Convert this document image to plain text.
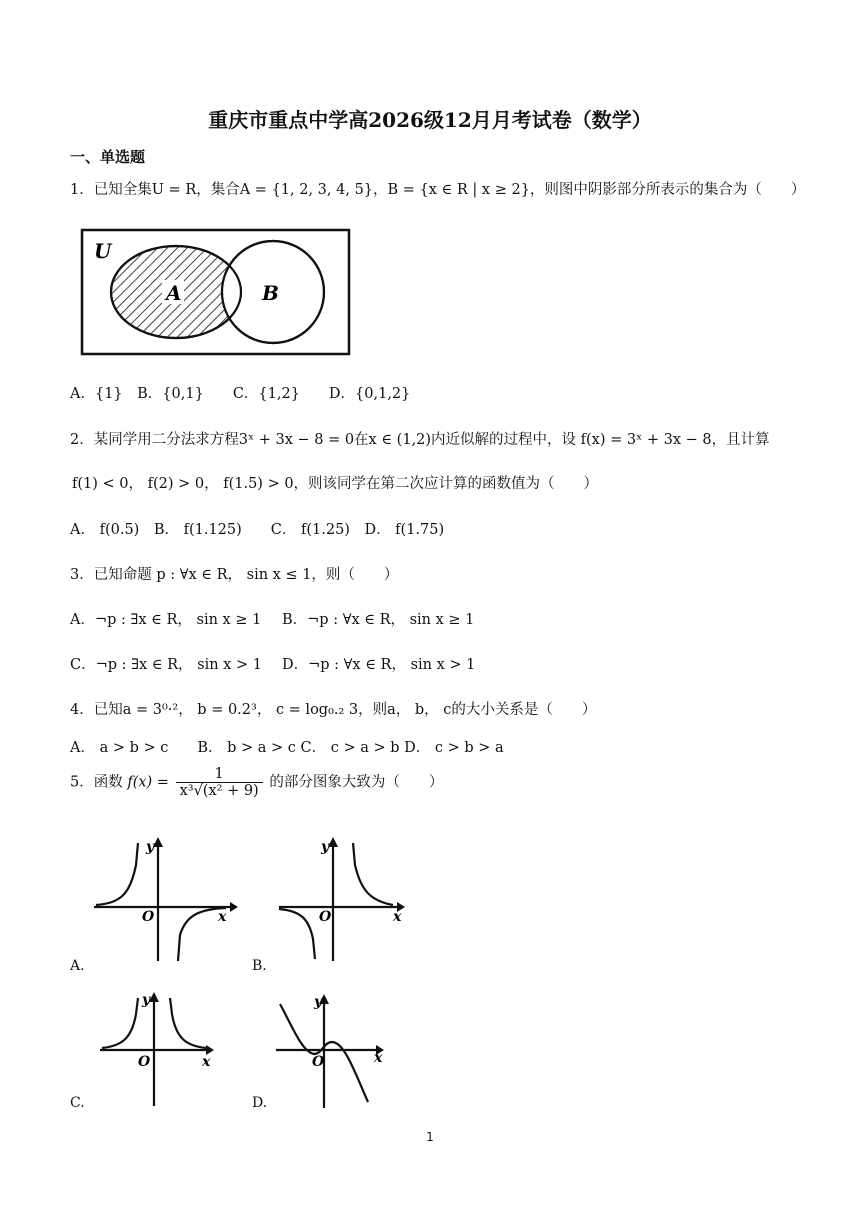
重庆市重点中学高2026级12月月考试卷（数学）
一、单选题
1．已知全集U = R，集合A = {1, 2, 3, 4, 5}，B = {x ∈ R | x ≥ 2}，则图中阴影部分所表示的集合为（　　）
U
A	B
A．{1}　B．{0,1}　　C．{1,2}　　D．{0,1,2}
2．某同学用二分法求方程3ˣ + 3x − 8 = 0在x ∈ (1,2)内近似解的过程中，设 f(x) = 3ˣ + 3x − 8，且计算
f(1) < 0， f(2) > 0， f(1.5) > 0，则该同学在第二次应计算的函数值为（　　）
A． f(0.5)　B． f(1.125)　　C． f(1.25)　D． f(1.75)
3．已知命题 p : ∀x ∈ R， sin x ≤ 1，则（　　）
A．¬p : ∃x ∈ R， sin x ≥ 1 B．¬p : ∀x ∈ R， sin x ≥ 1
C．¬p : ∃x ∈ R， sin x > 1 D．¬p : ∀x ∈ R， sin x > 1
4．已知a = 3⁰·²， b = 0.2³， c = log₀.₂ 3，则a， b， c的大小关系是（　　）
A． a > b > c　　B． b > a > c C． c > a > b D． c > b > a
5．函数 $f(x) = \frac{1}{\text{x³√(x² + 9)}}$ 的部分图象大致为（　　）
O	x
y
A.
O	x
y
B.
O	x
y
C.
O	x
y
D.
1
